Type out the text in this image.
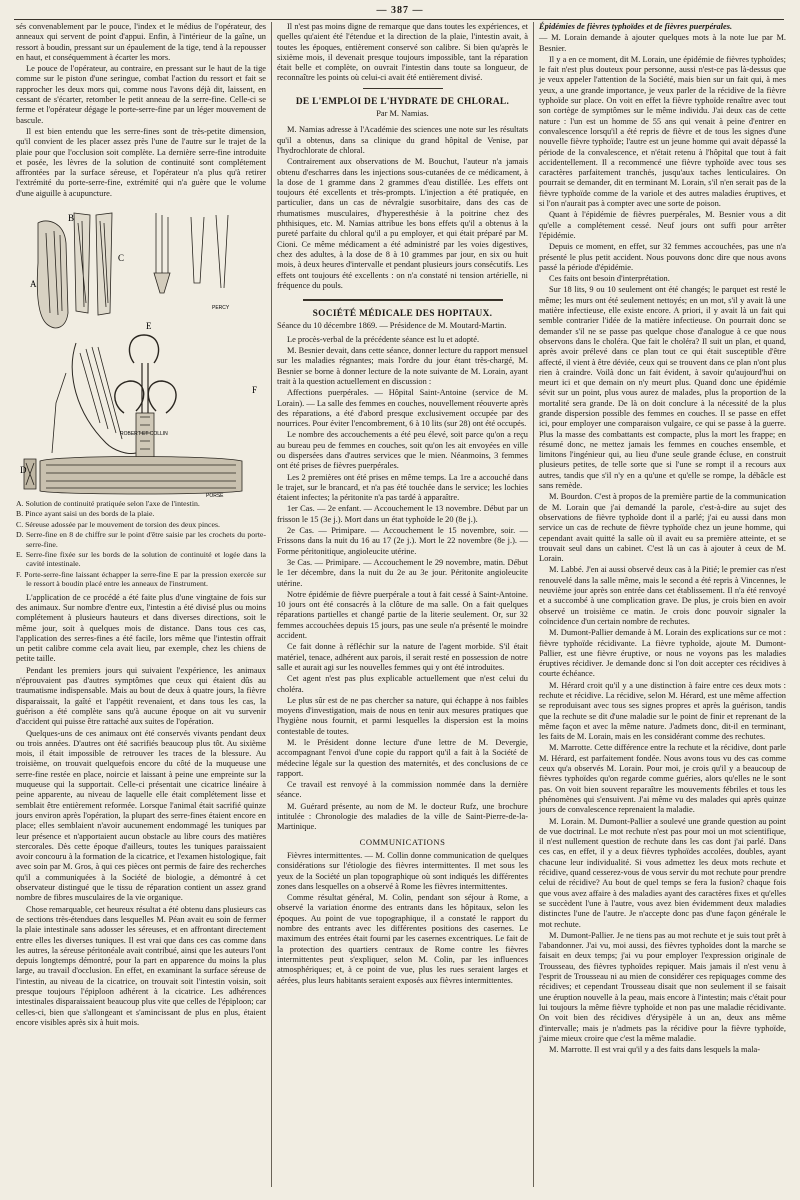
— 387 —

sés convenablement par le pouce, l'index et le médius de l'opérateur, des anneaux qui servent de point d'appui. Enfin, à l'intérieur de la gaîne, un ressort à boudin, pressant sur un épaulement de la tige, tend à la repousser en haut, et conséquemment à écarter les mors.

Le pouce de l'opérateur, au contraire, en pressant sur le haut de la tige comme sur le piston d'une seringue, combat l'action du ressort et fait se rapprocher les deux mors qui, comme nous l'avons déjà dit, laissent, en cessant de s'écarter, retomber le petit anneau de la serre-fine. Celle-ci se ferme et l'opérateur dégage le porte-serre-fine par un léger mouvement de bascule.

Il est bien entendu que les serre-fines sont de très-petite dimension, qu'il convient de les placer assez près l'une de l'autre sur le trajet de la plaie pour que l'occlusion soit complète. La dernière serre-fine introduite et posée, les lèvres de la solution de continuité sont complétement affrontées par la surface séreuse, et l'opérateur n'a plus qu'à retirer l'extrémité du porte-serre-fine, extrémité qui n'a guère que le volume d'une aiguille à acupuncture.

A
B
C
D
E
F
PERCY
ROBERT ET COLLIN
PORSE

A. Solution de continuité pratiquée selon l'axe de l'intestin.

B. Pince ayant saisi un des bords de la plaie.

C. Séreuse adossée par le mouvement de torsion des deux pinces.

D. Serre-fine en 8 de chiffre sur le point d'être saisie par les crochets du porte-serre-fine.

E. Serre-fine fixée sur les bords de la solution de continuité et logée dans la cavité intestinale.

F. Porte-serre-fine laissant échapper la serre-fine E par la pression exercée sur le ressort à boudin placé entre les anneaux de l'instrument.

L'application de ce procédé a été faite plus d'une vingtaine de fois sur des animaux. Sur nombre d'entre eux, l'intestin a été divisé plus ou moins complétement à plusieurs hauteurs et dans diverses directions, soit le même jour, soit à quelques mois de distance. Dans tous ces cas, l'application des serres-fines a été facile, lors même que l'intestin offrait un petit calibre comme cela avait lieu, par exemple, chez les chiens de petite taille.

Pendant les premiers jours qui suivaient l'expérience, les animaux n'éprouvaient pas d'autres symptômes que ceux qui étaient dûs au traumatisme indispensable. Mais au bout de deux à quatre jours, la fièvre disparaissait, la gaîté et l'appétit revenaient, et dans tous les cas, la guérison a été complète sans qu'à aucune époque on ait vu survenir d'accident qui puisse être rattaché aux suites de l'opération.

Quelques-uns de ces animaux ont été conservés vivants pendant deux ou trois années. D'autres ont été sacrifiés beaucoup plus tôt. Au sixième mois, il était impossible de retrouver les traces de la blessure. Au troisième, on trouvait quelquefois encore du côté de la muqueuse une serre-fine restée en place, noircie et laissant à peine une empreinte sur la muqueuse qui la supportait. Celle-ci présentait une cicatrice linéaire à peine apparente, au niveau de laquelle elle était complétement lisse et semblait être entièrement reformée. Lorsque l'animal était sacrifié quinze jours environ après l'opération, la plupart des serre-fines étaient encore en place; elles semblaient n'avoir aucunement endommagé les tuniques par leur présence et n'apportaient aucun obstacle au libre cours des matières stercorales. Dès cette époque d'ailleurs, toutes les tuniques paraissaient avoir concouru à la formation de la cicatrice, et l'examen histologique, fait avec soin par M. Gros, à qui ces pièces ont permis de faire des recherches qu'il a communiquées à la Société de biologie, a démontré à cet observateur distingué que le tissu de réparation contient un assez grand nombre de fibres musculaires de la vie organique.

Chose remarquable, cet heureux résultat a été obtenu dans plusieurs cas de sections très-étendues dans lesquelles M. Péan avait eu soin de fermer la plaie intestinale sans adosser les séreuses, et en affrontant directement entre elles les diverses tuniques. Il est vrai que dans ces cas comme dans les autres, la séreuse péritonéale avait contribué, ainsi que les auteurs l'ont depuis longtemps démontré, pour la part en apparence du moins la plus large, au travail d'occlusion. En effet, en examinant la surface séreuse de l'intestin, au niveau de la cicatrice, on trouvait soit l'intestin voisin, soit presque toujours l'épiploon adhérent à la cicatrice. Les adhérences intestinales disparaissaient beaucoup plus vite que celles de l'épiploon; car celles-ci, bien que s'allongeant et s'amincissant de plus en plus, étaient encore visibles après six à huit mois.

Il n'est pas moins digne de remarque que dans toutes les expériences, et quelles qu'aient été l'étendue et la direction de la plaie, l'intestin avait, à toutes les époques, entièrement conservé son calibre. Si bien qu'après le sixième mois, il devenait presque toujours impossible, tant la réparation était belle et complète, on ouvrait l'intestin dans toute sa longueur, de reconnaître les points où celui-ci avait été entièrement divisé.

DE L'EMPLOI DE L'HYDRATE DE CHLORAL.

Par M. Namias.

M. Namias adresse à l'Académie des sciences une note sur les résultats qu'il a obtenus, dans sa clinique du grand hôpital de Venise, par l'hydrochlorate de chloral.

Contrairement aux observations de M. Bouchut, l'auteur n'a jamais obtenu d'escharres dans les injections sous-cutanées de ce médicament, à la dose de 1 gramme dans 2 grammes d'eau distillée. Les effets ont toujours été excellents et très-prompts. L'injection a été pratiquée, en particulier, dans un cas de névralgie susorbitaire, dans des cas de rhumatismes musculaires, d'hyperesthésie à la poitrine chez des phthisiques, etc. M. Namias attribue les bons effets qu'il a obtenus à la pureté parfaite du chloral qu'il a pu employer, et qui était préparé par M. Cioni. Ce même médicament a été administré par les voies digestives, chez des adultes, à la dose de 8 à 10 grammes par jour, en six ou huit mois, à deux heures d'intervalle et pendant plusieurs jours consécutifs. Les effets ont toujours été excellents : on n'a constaté ni tension artérielle, ni fréquence du pouls.

SOCIÉTÉ MÉDICALE DES HOPITAUX.

Séance du 10 décembre 1869. — Présidence de M. Moutard-Martin.

Le procès-verbal de la précédente séance est lu et adopté.

M. Besnier devait, dans cette séance, donner lecture du rapport mensuel sur les maladies régnantes; mais l'ordre du jour étant très-chargé, M. Besnier se borne à donner lecture de la note suivante de M. Lorain, ayant trait à la question actuellement en discussion :

Affections puerpérales. — Hôpital Saint-Antoine (service de M. Lorain). — La salle des femmes en couches, nouvellement réouverte après des réparations, a été d'abord presque exclusivement occupée par des nourrices. Pour éviter l'encombrement, 6 à 10 lits (sur 28) ont été occupés.

Le nombre des accouchements a été peu élevé, soit parce qu'on a reçu au bureau peu de femmes en couches, soit qu'on les ait envoyées en ville ou dispersées dans d'autres services que le mien. Néanmoins, 3 femmes ont été prises de fièvres puerpérales.

Les 2 premières ont été prises en même temps. La 1re a accouché dans le trajet, sur le brancard, et n'a pas été touchée dans le service; les lochies étaient infectes; la péritonite n'a pas tardé à apparaître.

1er Cas. — 2e enfant. — Accouchement le 13 novembre. Début par un frisson le 15 (3e j.). Mort dans un état typhoïde le 20 (8e j.).

2e Cas. — Primipare. — Accouchement le 15 novembre, soir. — Frissons dans la nuit du 16 au 17 (2e j.). Mort le 22 novembre (8e j.). — Forme péritonitique, angioleucite utérine.

3e Cas. — Primipare. — Accouchement le 29 novembre, matin. Début le 1er décembre, dans la nuit du 2e au 3e jour. Péritonite angioleucite utérine.

Notre épidémie de fièvre puerpérale a tout à fait cessé à Saint-Antoine. 10 jours ont été consacrés à la clôture de ma salle. On a fait quelques réparations partielles et changé partie de la literie seulement. Or, sur 32 femmes accouchées depuis 15 jours, pas une seule n'a présenté le moindre accident.

Ce fait donne à réfléchir sur la nature de l'agent morbide. S'il était matériel, tenace, adhérent aux parois, il serait resté en possession de notre salle et aurait agi sur les nouvelles femmes qui y ont été introduites.

Cet agent n'est pas plus explicable actuellement que n'est celui du choléra.

Le plus sûr est de ne pas chercher sa nature, qui échappe à nos faibles moyens d'investigation, mais de nous en tenir aux mesures pratiques que l'hygiène nous fournit, et parmi lesquelles la dispersion est la moins contestable de toutes.

M. le Président donne lecture d'une lettre de M. Devergie, accompagnant l'envoi d'une copie du rapport qu'il a fait à la Société de médecine légale sur la question des maternités, et des conclusions de ce rapport.

Ce travail est renvoyé à la commission nommée dans la dernière séance.

M. Guérard présente, au nom de M. le docteur Rufz, une brochure intitulée : Chronologie des maladies de la ville de Saint-Pierre-de-la-Martinique.

COMMUNICATIONS

Fièvres intermittentes. — M. Collin donne communication de quelques considérations sur l'étiologie des fièvres intermittentes. Il met sous les yeux de la Société un plan topographique où sont indiqués les différentes zones dans lesquelles on a observé à Rome les fièvres intermittentes.

Comme résultat général, M. Colin, pendant son séjour à Rome, a observé la variation énorme des entrants dans les hôpitaux, selon les époques. Au point de vue topographique, il a constaté le rapport du nombre des entrants avec les différentes positions des casernes. Le maximum des entrées était fourni par les casernes excentriques. Le fait de la protection des quartiers centraux de Rome contre les fièvres intermittentes peut s'expliquer, selon M. Colin, par les influences atmosphériques; et, à ce point de vue, plus les rues seraient larges et aérées, plus leurs habitants seraient exposés aux fièvres intermittentes.

Épidémies de fièvres typhoïdes et de fièvres puerpérales.

— M. Lorain demande à ajouter quelques mots à la note lue par M. Besnier.

Il y a en ce moment, dit M. Lorain, une épidémie de fièvres typhoïdes; le fait n'est plus douteux pour personne, aussi n'est-ce pas là-dessus que je veux appeler l'attention de la Société, mais bien sur un fait qui, à mes yeux, a une grande importance, je veux parler de la récidive de la fièvre typhoïde sur place. On voit en effet la fièvre typhoïde renaître avec tout son cortège de symptômes sur le même individu. J'ai deux cas de cette nature : l'un est un homme de 55 ans qui venait à peine d'entrer en convalescence lorsqu'il a été repris de fièvre et de tous les signes d'une nouvelle fièvre typhoïde; l'autre est un jeune homme qui avait dépassé la période de la convalescence, et n'était retenu à l'hôpital que tout à fait accidentellement. Il a recommencé une fièvre typhoïde avec tous ses caractères parfaitement tranchés, jusqu'aux taches lenticulaires. On pourrait se demander, dit en terminant M. Lorain, s'il n'en serait pas de la fièvre typhoïde comme de la variole et des autres maladies éruptives, et si l'on n'aurait pas à compter avec une sorte de poison.

Quant à l'épidémie de fièvres puerpérales, M. Besnier vous a dit qu'elle a complétement cessé. Neuf jours ont suffi pour arrêter l'épidémie.

Depuis ce moment, en effet, sur 32 femmes accouchées, pas une n'a présenté le plus petit accident. Nous pouvons donc dire que nous avons passé la période d'épidémie.

Ces faits ont besoin d'interprétation.

Sur 18 lits, 9 ou 10 seulement ont été changés; le parquet est resté le même; les murs ont été seulement nettoyés; en un mot, s'il y avait là une matière infectieuse, elle existe encore. A priori, il y avait là un fait qui semble contrarier l'idée de la matière infectieuse. On pourrait donc se demander s'il ne se passe pas quelque chose d'analogue à ce que nous observons dans le choléra. Que fait le choléra? Il suit un plan, et quand, après avoir prélevé dans ce plan tout ce qui était susceptible d'être affecté, il vient à être déviée, ceux qui se trouvent dans ce plan n'ont plus rien à craindre. Voilà donc un fait évident, à savoir qu'aujourd'hui on meurt ici et que demain on n'y meurt plus. Quand donc une épidémie sévit sur un point, plus vous aurez de malades, plus la proportion de la mortalité sera grande. De là on doit conclure à la nécessité de la plus grande dispersion possible des femmes en couches. Il se passe en effet ici, pour employer une comparaison vulgaire, ce qui se passe à la guerre. Plus la masse des combattants est compacte, plus la mort les frappe; en résumé donc, ne mettez jamais les femmes en couches ensemble, et limitons l'ingénieur qui, au lieu d'une seule grande écluse, en construit plusieurs petites, de telle sorte que si l'une se rompt il a recours aux autres, tandis que s'il n'y en a qu'une et qu'elle se rompe, la débâcle est sans remède.

M. Bourdon. C'est à propos de la première partie de la communication de M. Lorain que j'ai demandé la parole, c'est-à-dire au sujet des observations de fièvre typhoïde dont il a parlé; j'ai eu aussi dans mon service un cas de rechute de fièvre typhoïde chez un jeune homme, qui cependant avait quitté la salle où il avait eu sa première atteinte, et se trouvait seul dans un cabinet. C'est là un cas à ajouter à ceux de M. Lorain.

M. Labbé. J'en ai aussi observé deux cas à la Pitié; le premier cas n'est renouvelé dans la salle même, mais le second a été repris à Vincennes, le neuvième jour après son entrée dans cet établissement. Il n'a été renvoyé et a succombé à une complication grave. De plus, je crois bien en avoir observé un troisième ce matin. Je crois donc pouvoir signaler la coïncidence d'un certain nombre de rechutes.

M. Dumont-Pallier demande à M. Lorain des explications sur ce mot : fièvre typhoïde récidivante. La fièvre typhoïde, ajoute M. Dumont-Pallier, est une fièvre éruptive, or nous ne voyons pas les maladies éruptives récidiver. Je demande donc si l'on doit accepter ces récidives à courte échéance.

M. Hérard croit qu'il y a une distinction à faire entre ces deux mots : rechute et récidive. La récidive, selon M. Hérard, est une même affection se reproduisant avec tous ses signes propres et après la guérison, tandis que la rechute se dit d'une maladie sur le point de finir et reprenant de la même façon et avec la même nature. J'admets donc, dit-il en terminant, les faits de M. Lorain, mais en les considérant comme des rechutes.

M. Marrotte. Cette différence entre la rechute et la récidive, dont parle M. Hérard, est parfaitement fondée. Nous avons tous vu des cas comme ceux qu'a observés M. Lorain. Pour moi, je crois qu'il y a beaucoup de fièvres typhoïdes qu'on regarde comme guéries, alors qu'elles ne le sont pas. On voit bien souvent reparaître les mouvements fébriles et tous les phénomènes qui s'ensuivent. J'ai même vu des malades qui après quinze jours de convalescence reprenaient la maladie.

M. Lorain. M. Dumont-Pallier a soulevé une grande question au point de vue doctrinal. Le mot rechute n'est pas pour moi un mot scientifique, il n'est nullement question de rechute dans les cas dont j'ai parlé. Dans ces cas, en effet, il y a deux fièvres typhoïdes accolées, doubles, ayant chacune leur individualité. Si vous admettez les deux mots rechute et récidive, quand cesserez-vous de vous servir du mot rechute pour prendre celui de récidive? Au bout de quel temps se fera la fusion? chaque fois que vous avez affaire à des maladies ayant des caractères fixes et qu'elles se succèdent l'une à l'autre, vous avez bien évidemment deux maladies distinctes l'une de l'autre. Je n'accepte donc pas d'une façon générale le mot rechute.

M. Dumont-Pallier. Je ne tiens pas au mot rechute et je suis tout prêt à l'abandonner. J'ai vu, moi aussi, des fièvres typhoïdes dont la marche se faisait en deux temps; j'ai vu pour employer l'expression originale de Trousseau, des fièvres typhoïdes repiquer. Mais jamais il n'est venu à l'esprit de Trousseau ni au mien de considérer ces repiquages comme des récidives; et cependant Trousseau disait que non seulement il se faisait une éruption nouvelle à la peau, mais encore à l'intestin; mais c'était pour lui toujours la même fièvre typhoïde et non pas une maladie récidivante. On voit bien des récidives d'érysipèle à un an, deux ans même d'intervalle; mais je n'admets pas la récidive pour la fièvre typhoïde, j'aime mieux croire que c'est la même maladie.

M. Marrotte. Il est vrai qu'il y a des faits dans lesquels la mala-
